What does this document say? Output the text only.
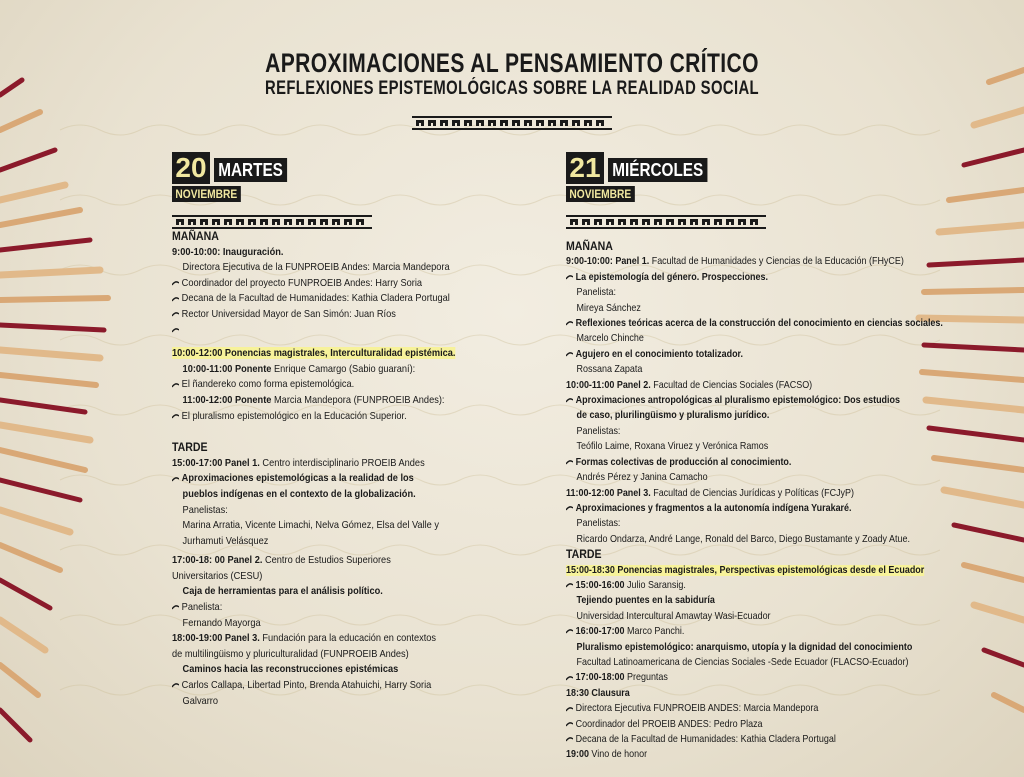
APROXIMACIONES AL PENSAMIENTO CRÍTICO
REFLEXIONES EPISTEMOLÓGICAS SOBRE LA REALIDAD SOCIAL
20 MARTES
NOVIEMBRE
MAÑANA
9:00-10:00: Inauguración.
Directora Ejecutiva de la FUNPROEIB Andes: Marcia Mandepora
Coordinador del proyecto FUNPROEIB Andes: Harry Soria
Decana de la Facultad de Humanidades: Kathia Cladera Portugal
Rector Universidad Mayor de San Simón: Juan Ríos
10:00-12:00 Ponencias magistrales, Interculturalidad epistémica.
10:00-11:00 Ponente Enrique Camargo (Sabio guaraní):
El ñandereko como forma epistemológica.
11:00-12:00 Ponente Marcia Mandepora (FUNPROEIB Andes):
El pluralismo epistemológico en la Educación Superior.
TARDE
15:00-17:00 Panel 1. Centro interdisciplinario PROEIB Andes
Aproximaciones epistemológicas a la realidad de los
pueblos indígenas en el contexto de la globalización.
Panelistas:
Marina Arratia, Vicente Limachi, Nelva Gómez, Elsa del Valle y
Jurhamuti Velásquez
17:00-18: 00 Panel 2. Centro de Estudios Superiores
Universitarios (CESU)
Caja de herramientas para el análisis político.
Panelista:
Fernando Mayorga
18:00-19:00 Panel 3. Fundación para la educación en contextos
de multilingüismo y pluriculturalidad (FUNPROEIB Andes)
Caminos hacia las reconstrucciones epistémicas
Carlos Callapa, Libertad Pinto, Brenda Atahuichi, Harry Soria
Galvarro
21 MIÉRCOLES
NOVIEMBRE
MAÑANA
9:00-10:00: Panel 1. Facultad de Humanidades y Ciencias de la Educación (FHyCE)
La epistemología del género. Prospecciones.
Panelista:
Mireya Sánchez
Reflexiones teóricas acerca de la construcción del conocimiento en ciencias sociales.
Marcelo Chinche
Agujero en el conocimiento totalizador.
Rossana Zapata
10:00-11:00 Panel 2. Facultad de Ciencias Sociales (FACSO)
Aproximaciones antropológicas al pluralismo epistemológico: Dos estudios
de caso, plurilingüismo y pluralismo jurídico.
Panelistas:
Teófilo Laime, Roxana Viruez y Verónica Ramos
Formas colectivas de producción al conocimiento.
Andrés Pérez y Janina Camacho
11:00-12:00 Panel 3. Facultad de Ciencias Jurídicas y Políticas (FCJyP)
Aproximaciones y fragmentos a la autonomía indígena Yurakaré.
Panelistas:
Ricardo Ondarza, André Lange, Ronald del Barco, Diego Bustamante y Zoady Atue.
TARDE
15:00-18:30 Ponencias magistrales, Perspectivas epistemológicas desde el Ecuador
15:00-16:00 Julio Saransig.
Tejiendo puentes en la sabiduría
Universidad Intercultural Amawtay Wasi-Ecuador
16:00-17:00 Marco Panchi.
Pluralismo epistemológico: anarquismo, utopía y la dignidad del conocimiento
Facultad Latinoamericana de Ciencias Sociales -Sede Ecuador (FLACSO-Ecuador)
17:00-18:00 Preguntas
18:30 Clausura
Directora Ejecutiva FUNPROEIB ANDES: Marcia Mandepora
Coordinador del PROEIB ANDES: Pedro Plaza
Decana de la Facultad de Humanidades: Kathia Cladera Portugal
19:00 Vino de honor
